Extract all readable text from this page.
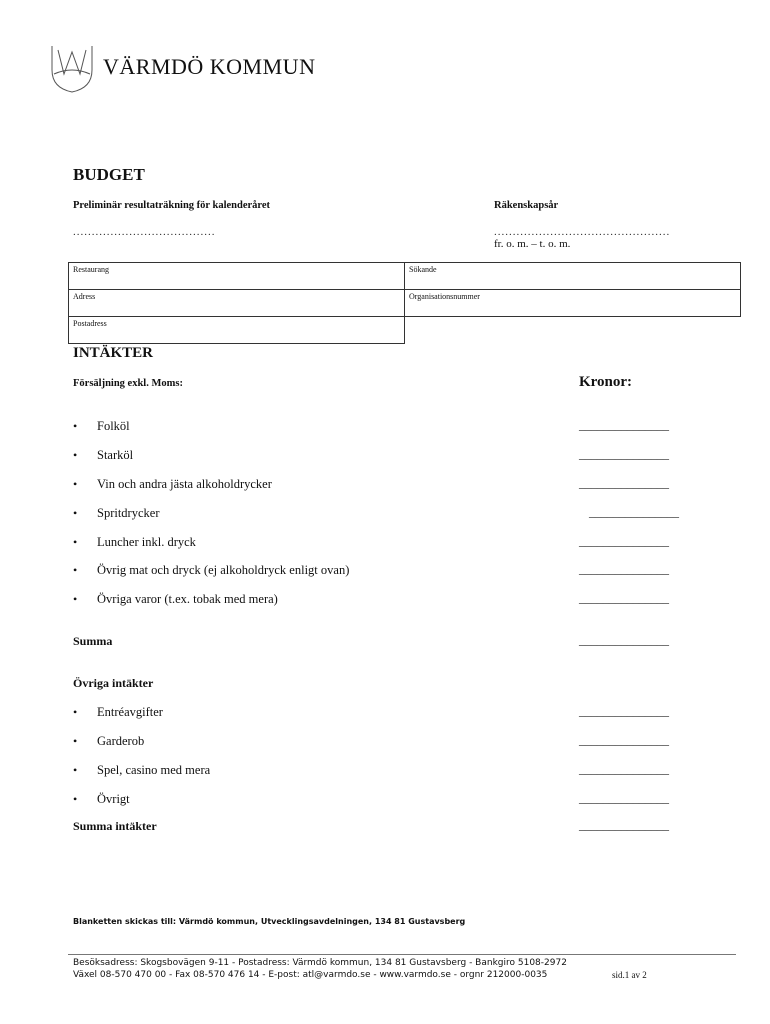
VÄRMDÖ KOMMUN
BUDGET
Preliminär resultaträkning för kalenderåret
......................................
Räkenskapsår
...............................................
fr. o. m. – t. o. m.
Restaurang	Sökande
Adress	Organisationsnummer
Postadress	
INTÄKTER
Försäljning exkl. Moms:	Kronor:
• Folköl	_______________
• Starköl	_______________
• Vin och andra jästa alkoholdrycker	_______________
• Spritdrycker	_______________
• Luncher inkl. dryck	_______________
• Övrig mat och dryck (ej alkoholdryck enligt ovan)	_______________
• Övriga varor (t.ex. tobak med mera)	_______________
Summa	_______________
Övriga intäkter
• Entréavgifter	_______________
• Garderob	_______________
• Spel, casino med mera	_______________
• Övrigt	_______________
Summa intäkter	_______________
Blanketten skickas till: Värmdö kommun, Utvecklingsavdelningen, 134 81 Gustavsberg
Besöksadress: Skogsbovägen 9-11 - Postadress: Värmdö kommun, 134 81 Gustavsberg - Bankgiro 5108-2972
Växel 08-570 470 00 - Fax 08-570 476 14 - E-post: atl@varmdo.se - www.varmdo.se - orgnr 212000-0035	sid.1 av 2
